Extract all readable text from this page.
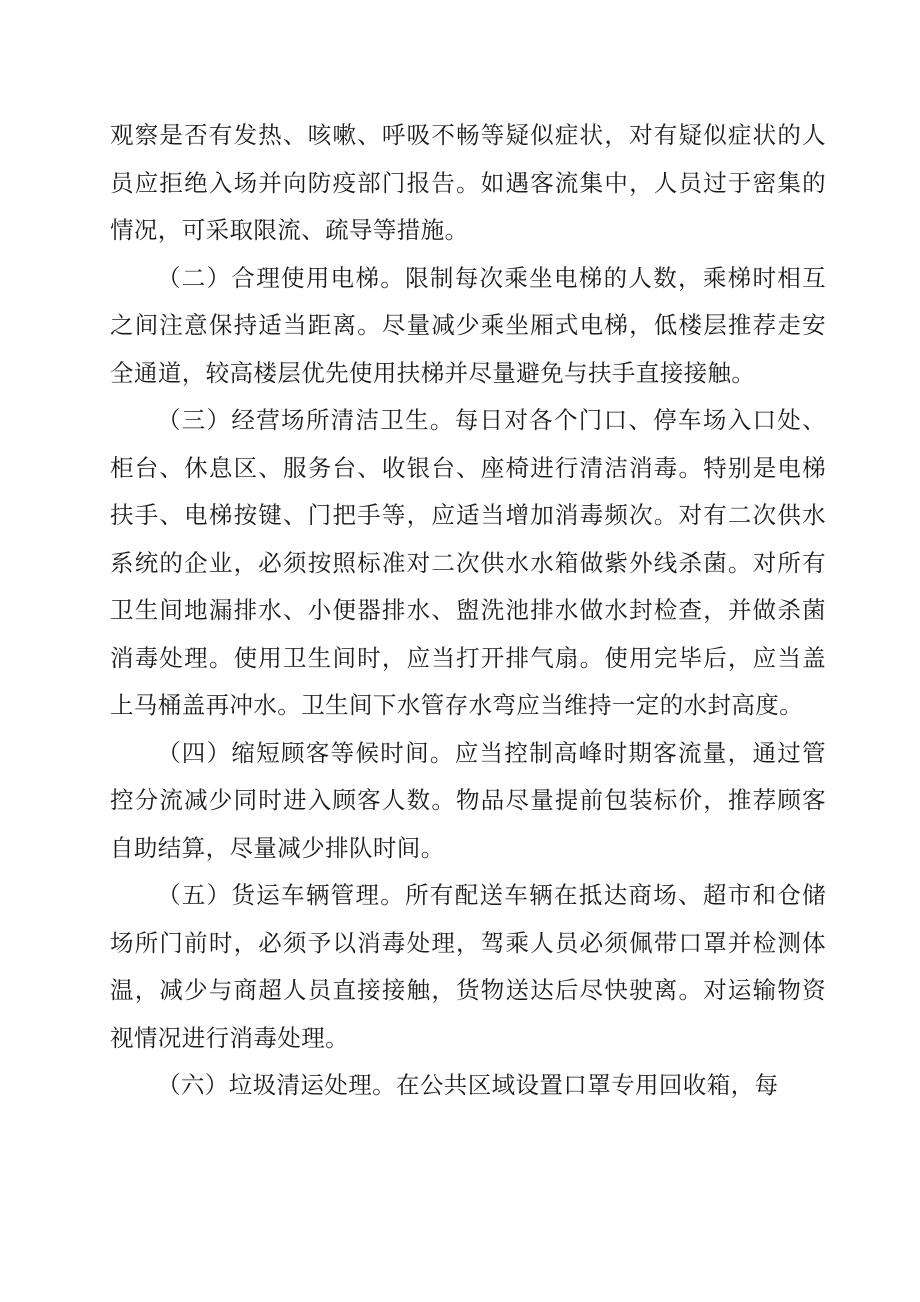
观察是否有发热、咳嗽、呼吸不畅等疑似症状，对有疑似症状的人员应拒绝入场并向防疫部门报告。如遇客流集中，人员过于密集的情况，可采取限流、疏导等措施。

（二）合理使用电梯。限制每次乘坐电梯的人数，乘梯时相互之间注意保持适当距离。尽量减少乘坐厢式电梯，低楼层推荐走安全通道，较高楼层优先使用扶梯并尽量避免与扶手直接接触。

（三）经营场所清洁卫生。每日对各个门口、停车场入口处、柜台、休息区、服务台、收银台、座椅进行清洁消毒。特别是电梯扶手、电梯按键、门把手等，应适当增加消毒频次。对有二次供水系统的企业，必须按照标准对二次供水水箱做紫外线杀菌。对所有卫生间地漏排水、小便器排水、盥洗池排水做水封检查，并做杀菌消毒处理。使用卫生间时，应当打开排气扇。使用完毕后，应当盖上马桶盖再冲水。卫生间下水管存水弯应当维持一定的水封高度。

（四）缩短顾客等候时间。应当控制高峰时期客流量，通过管控分流减少同时进入顾客人数。物品尽量提前包装标价，推荐顾客自助结算，尽量减少排队时间。

（五）货运车辆管理。所有配送车辆在抵达商场、超市和仓储场所门前时，必须予以消毒处理，驾乘人员必须佩带口罩并检测体温，减少与商超人员直接接触，货物送达后尽快驶离。对运输物资视情况进行消毒处理。

（六）垃圾清运处理。在公共区域设置口罩专用回收箱，每
